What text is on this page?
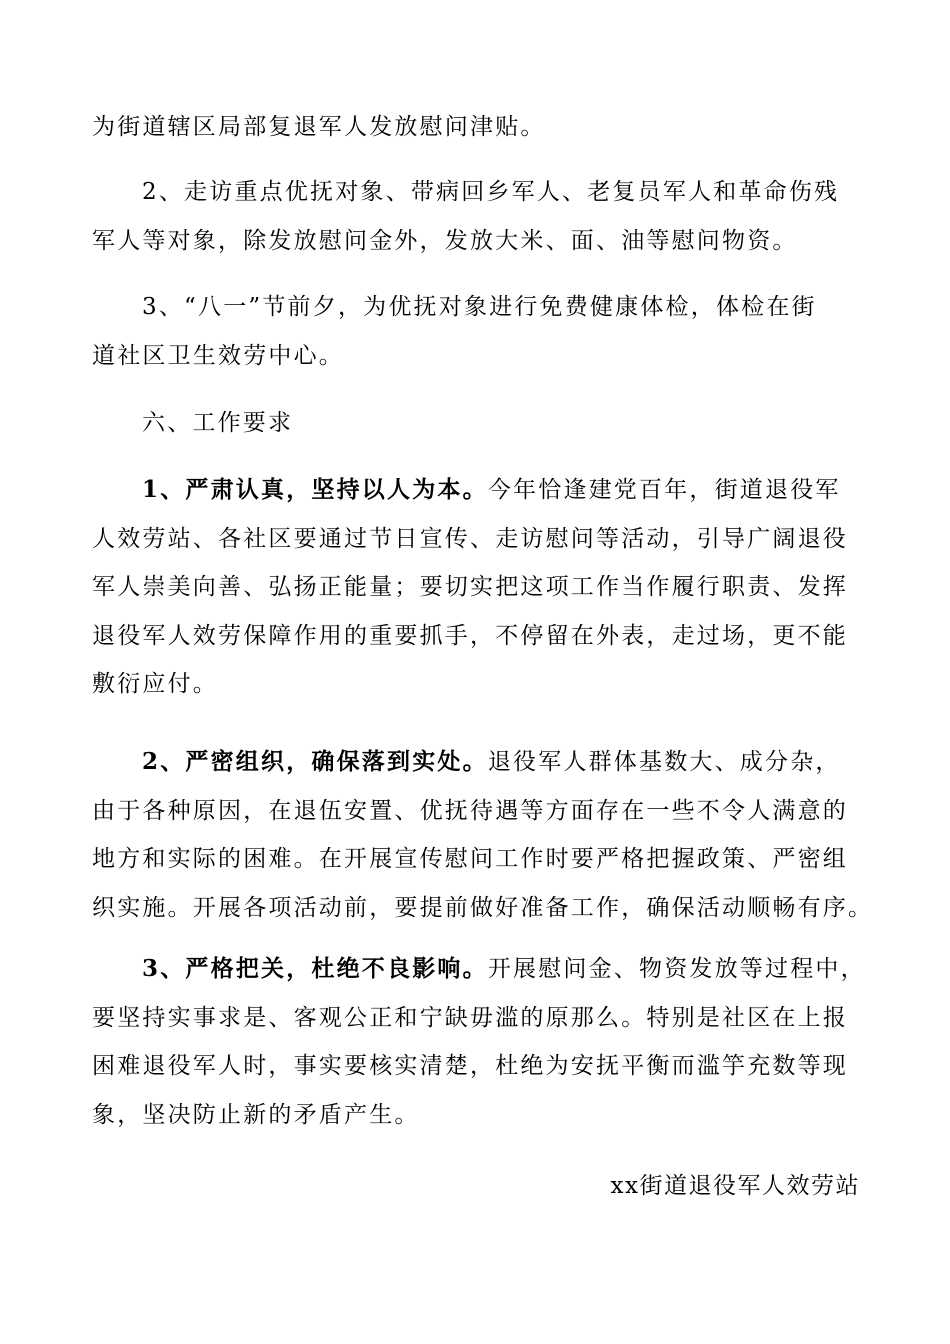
为街道辖区局部复退军人发放慰问津贴。

2、走访重点优抚对象、带病回乡军人、老复员军人和革命伤残
军人等对象，除发放慰问金外，发放大米、面、油等慰问物资。

3、“八一”节前夕，为优抚对象进行免费健康体检，体检在街
道社区卫生效劳中心。

六、工作要求

1、严肃认真，坚持以人为本。今年恰逢建党百年，街道退役军
人效劳站、各社区要通过节日宣传、走访慰问等活动，引导广阔退役
军人崇美向善、弘扬正能量；要切实把这项工作当作履行职责、发挥
退役军人效劳保障作用的重要抓手，不停留在外表，走过场，更不能
敷衍应付。

2、严密组织，确保落到实处。退役军人群体基数大、成分杂，
由于各种原因，在退伍安置、优抚待遇等方面存在一些不令人满意的
地方和实际的困难。在开展宣传慰问工作时要严格把握政策、严密组
织实施。开展各项活动前，要提前做好准备工作，确保活动顺畅有序。

3、严格把关，杜绝不良影响。开展慰问金、物资发放等过程中，
要坚持实事求是、客观公正和宁缺毋滥的原那么。特别是社区在上报
困难退役军人时，事实要核实清楚，杜绝为安抚平衡而滥竽充数等现
象，坚决防止新的矛盾产生。

xx街道退役军人效劳站
